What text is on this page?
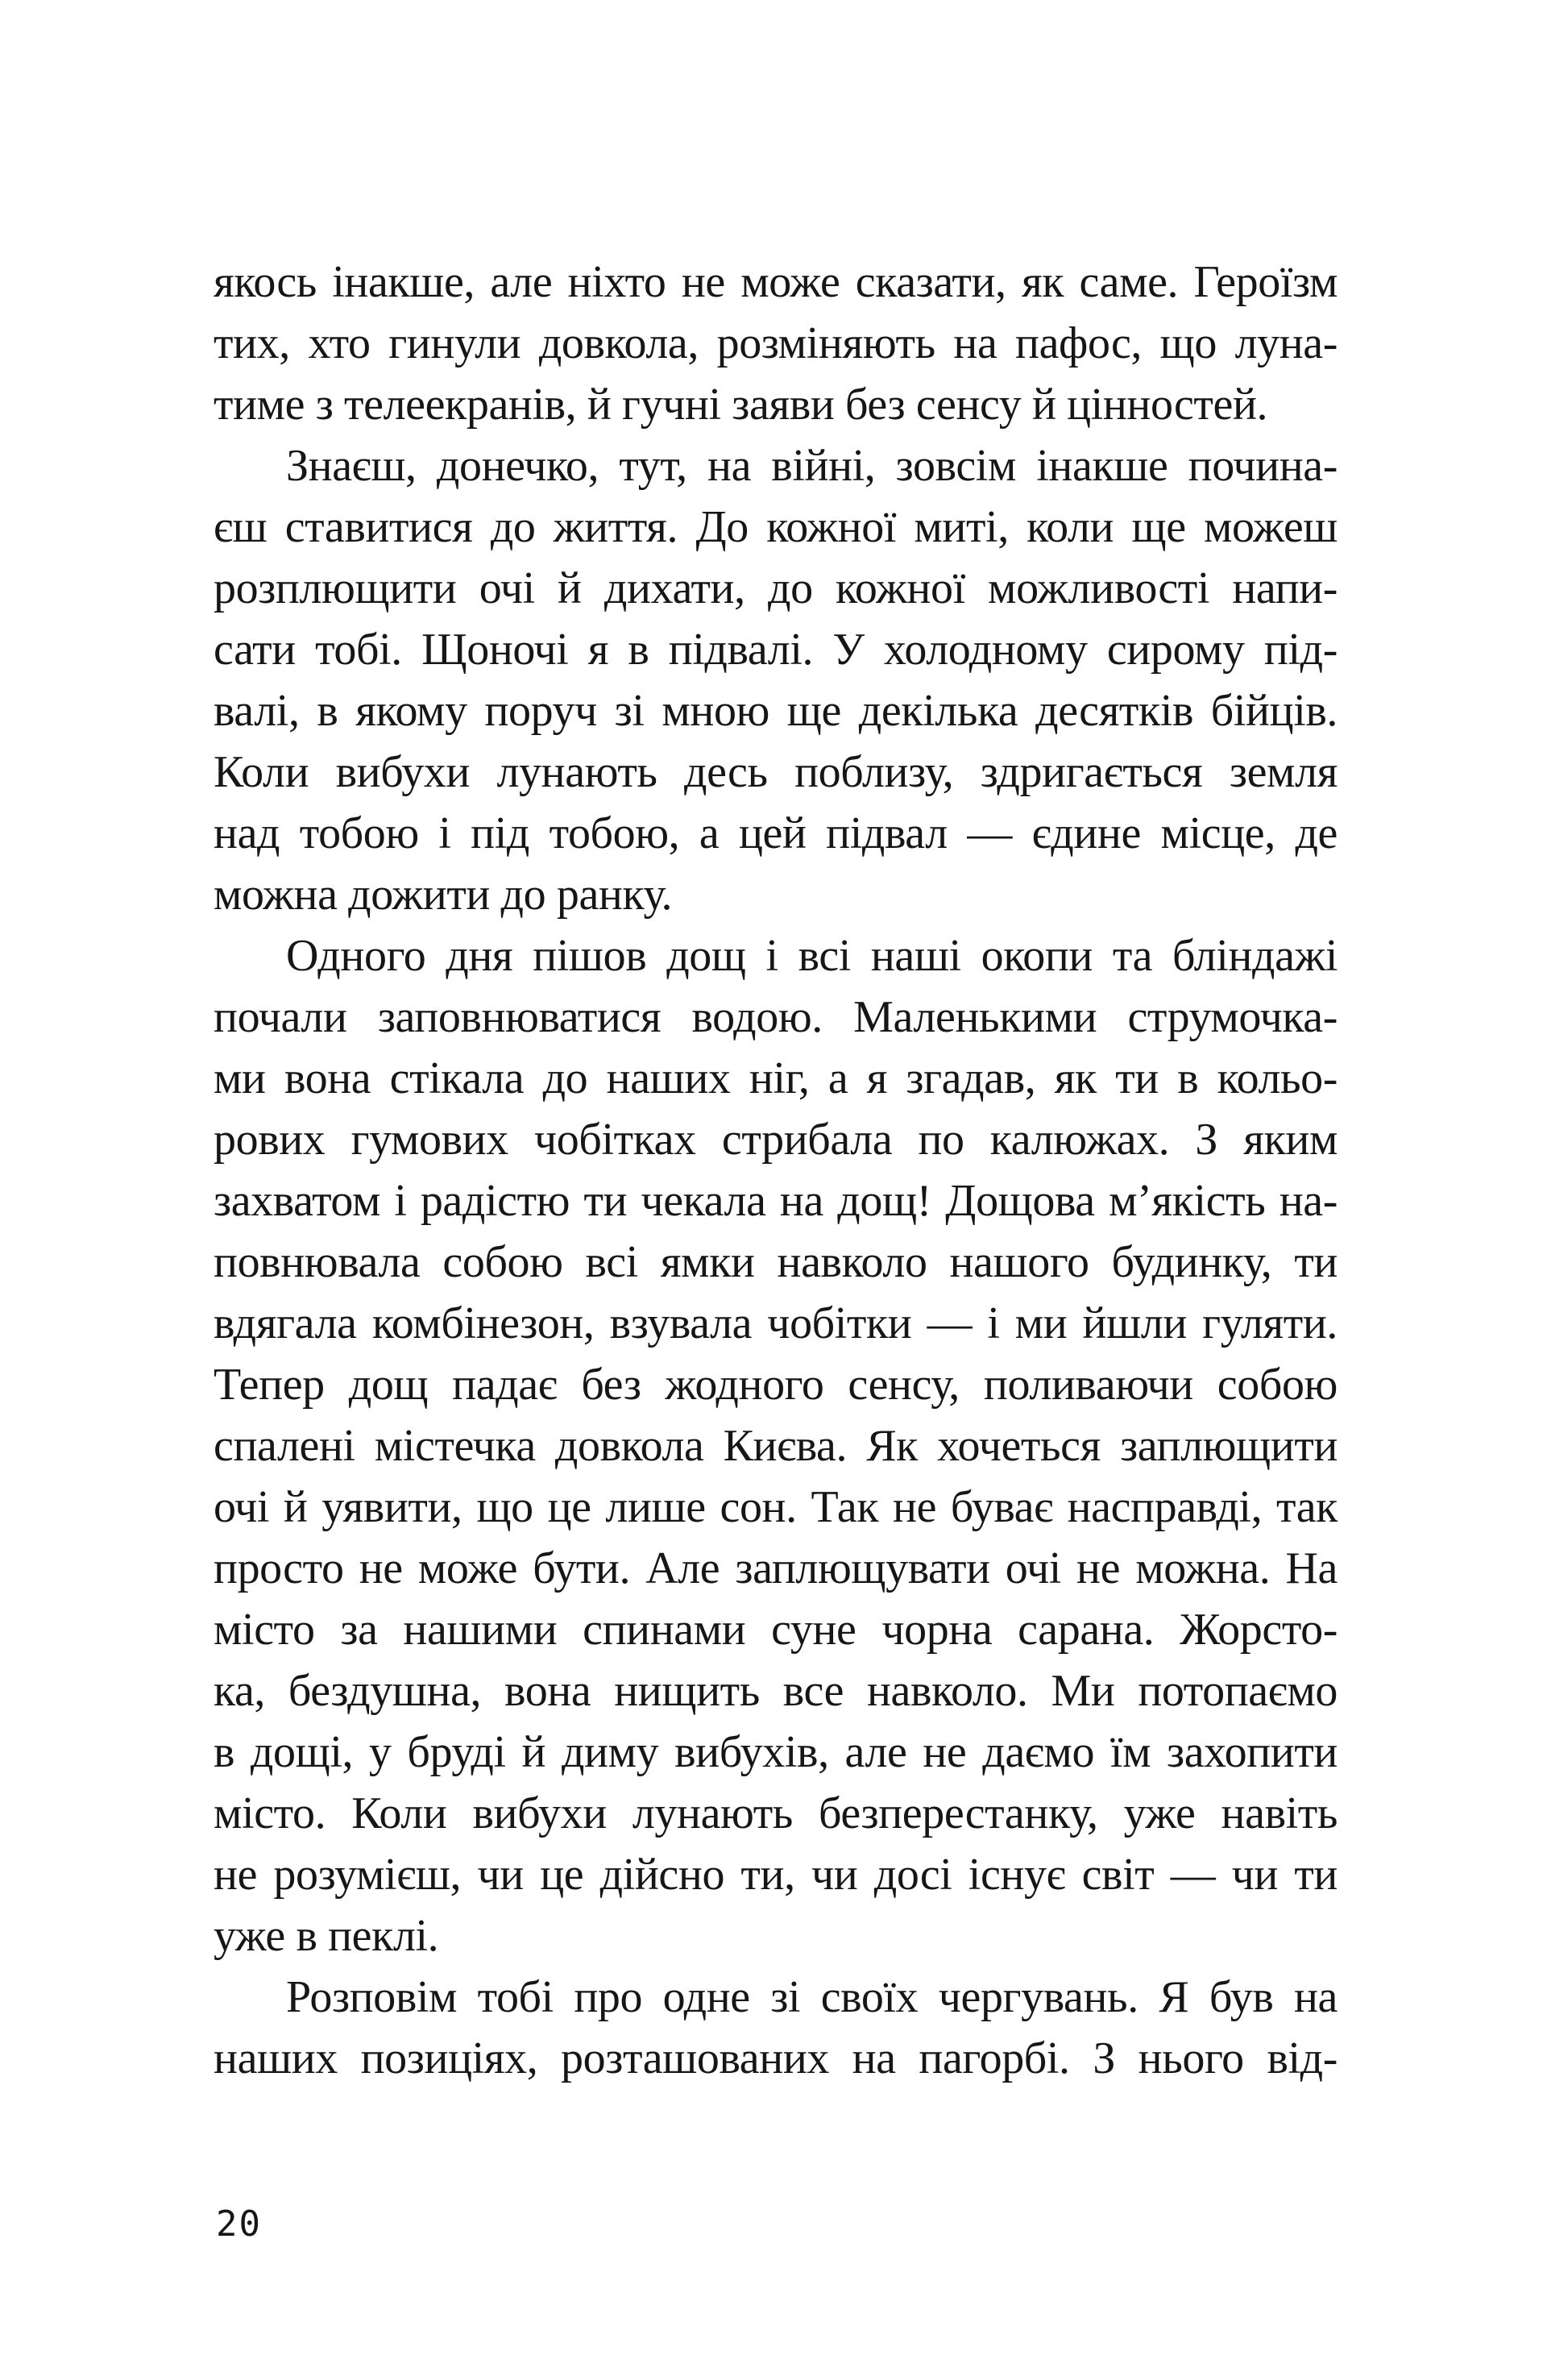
якось інакше, але ніхто не може сказати, як саме. Героїзм
тих, хто гинули довкола, розміняють на пафос, що луна-
тиме з телеекранів, й гучні заяви без сенсу й цінностей.
Знаєш, донечко, тут, на війні, зовсім інакше почина-
єш ставитися до життя. До кожної миті, коли ще можеш
розплющити очі й дихати, до кожної можливості напи-
сати тобі. Щоночі я в підвалі. У холодному сирому під-
валі, в якому поруч зі мною ще декілька десятків бійців.
Коли вибухи лунають десь поблизу, здригається земля
над тобою і під тобою, а цей підвал — єдине місце, де
можна дожити до ранку.
Одного дня пішов дощ і всі наші окопи та бліндажі
почали заповнюватися водою. Маленькими струмочка-
ми вона стікала до наших ніг, а я згадав, як ти в кольо-
рових гумових чобітках стрибала по калюжах. З яким
захватом і радістю ти чекала на дощ! Дощова м’якість на-
повнювала собою всі ямки навколо нашого будинку, ти
вдягала комбінезон, взувала чобітки — і ми йшли гуляти.
Тепер дощ падає без жодного сенсу, поливаючи собою
спалені містечка довкола Києва. Як хочеться заплющити
очі й уявити, що це лише сон. Так не буває насправді, так
просто не може бути. Але заплющувати очі не можна. На
місто за нашими спинами суне чорна сарана. Жорсто-
ка, бездушна, вона нищить все навколо. Ми потопаємо
в дощі, у бруді й диму вибухів, але не даємо їм захопити
місто. Коли вибухи лунають безперестанку, уже навіть
не розумієш, чи це дійсно ти, чи досі існує світ — чи ти
уже в пеклі.
Розповім тобі про одне зі своїх чергувань. Я був на
наших позиціях, розташованих на пагорбі. З нього від-
20
